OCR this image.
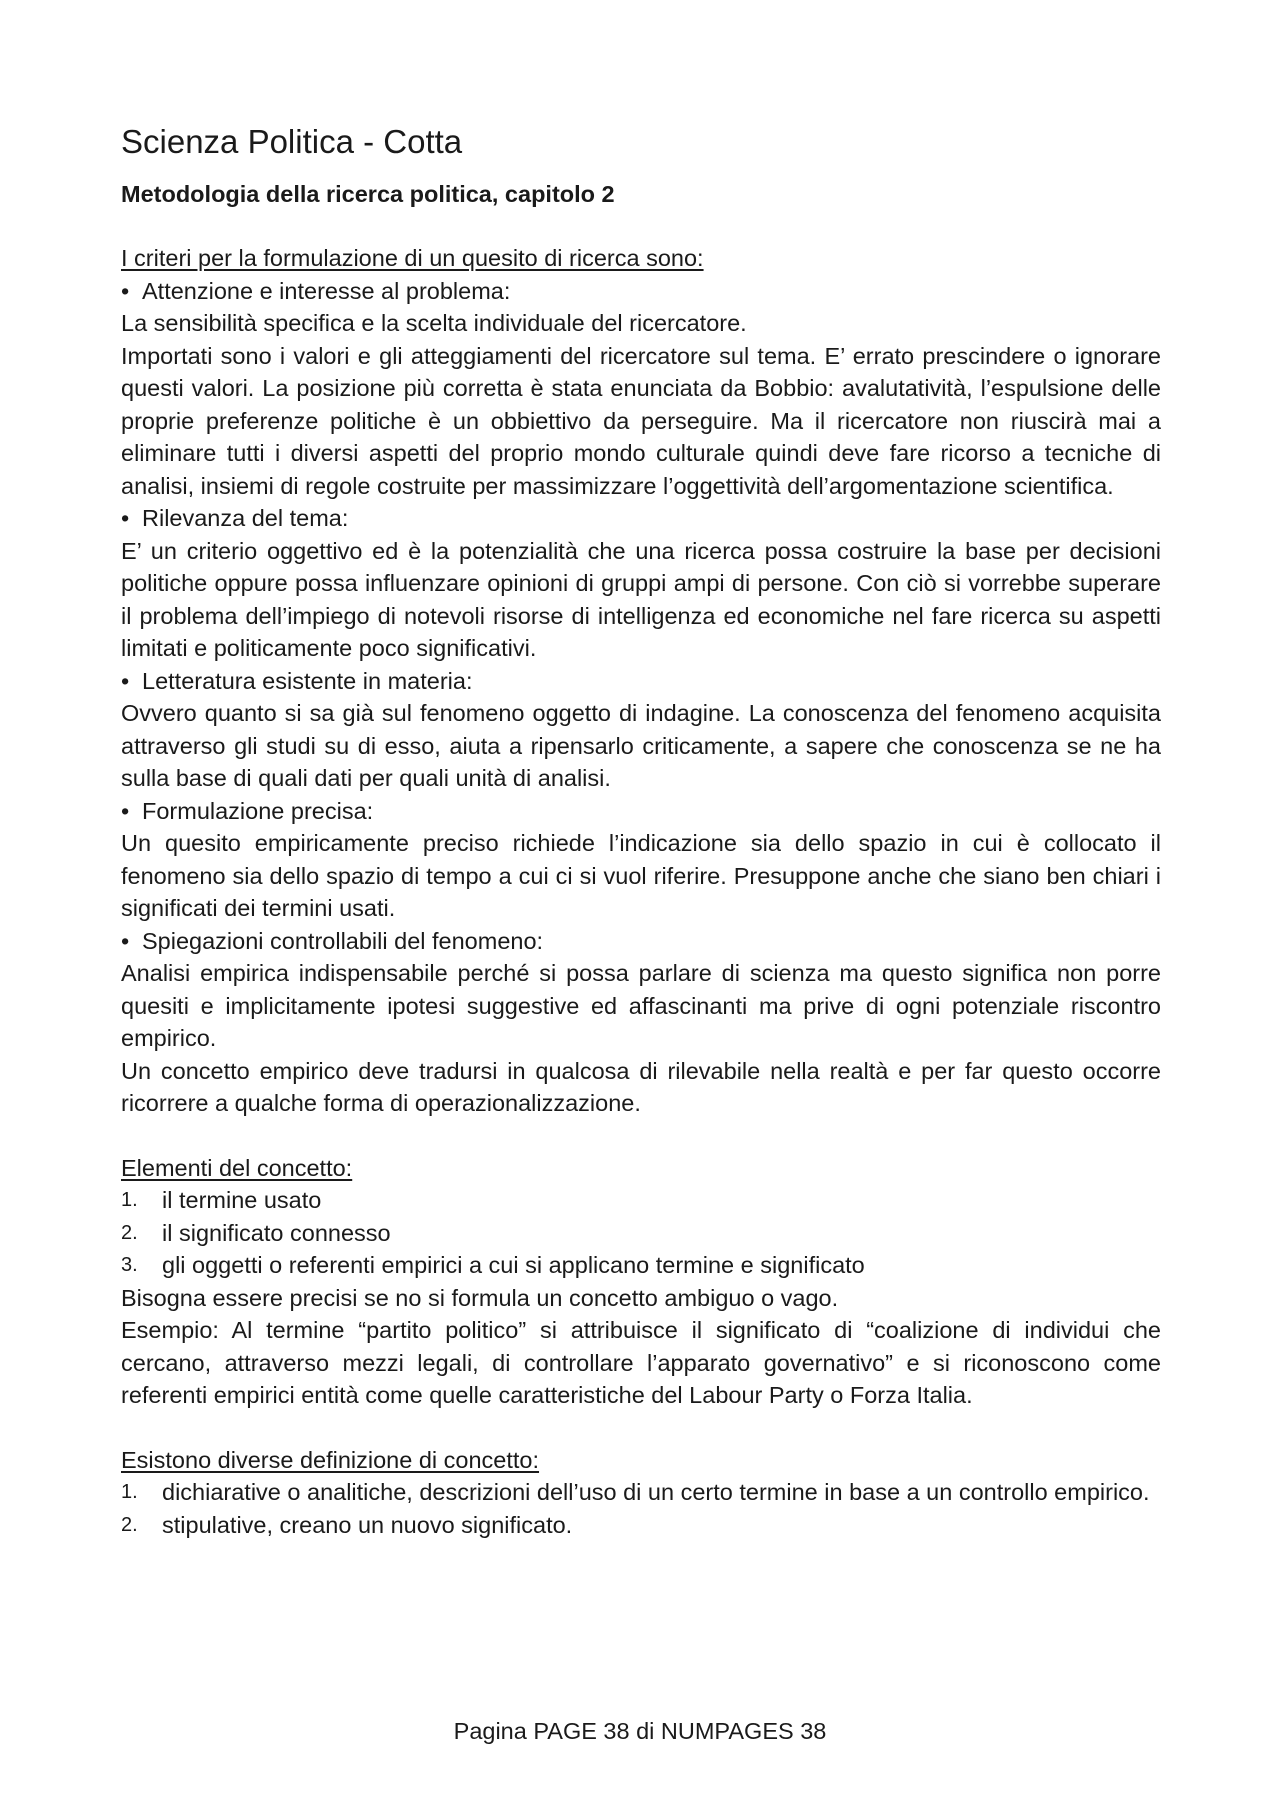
Scienza Politica - Cotta

Metodologia della ricerca politica, capitolo 2

I criteri per la formulazione di un quesito di ricerca sono:

• Attenzione e interesse al problema:

La sensibilità specifica e la scelta individuale del ricercatore.

Importati sono i valori e gli atteggiamenti del ricercatore sul tema. E’ errato prescindere o ignorare questi valori. La posizione più corretta è stata enunciata da Bobbio: avalutatività, l’espulsione delle proprie preferenze politiche è un obbiettivo da perseguire. Ma il ricercatore non riuscirà mai a eliminare tutti i diversi aspetti del proprio mondo culturale quindi deve fare ricorso a tecniche di analisi, insiemi di regole costruite per massimizzare l’oggettività dell’argomentazione scientifica.

• Rilevanza del tema:

E’ un criterio oggettivo ed è la potenzialità che una ricerca possa costruire la base per decisioni politiche oppure possa influenzare opinioni di gruppi ampi di persone. Con ciò si vorrebbe superare il problema dell’impiego di notevoli risorse di intelligenza ed economiche nel fare ricerca su aspetti limitati e politicamente poco significativi.

• Letteratura esistente in materia:

Ovvero quanto si sa già sul fenomeno oggetto di indagine. La conoscenza del fenomeno acquisita attraverso gli studi su di esso, aiuta a ripensarlo criticamente, a sapere che conoscenza se ne ha sulla base di quali dati per quali unità di analisi.

• Formulazione precisa:

Un quesito empiricamente preciso richiede l’indicazione sia dello spazio in cui è collocato il fenomeno sia dello spazio di tempo a cui ci si vuol riferire. Presuppone anche che siano ben chiari i significati dei termini usati.

• Spiegazioni controllabili del fenomeno:

Analisi empirica indispensabile perché si possa parlare di scienza ma questo significa non porre quesiti e implicitamente ipotesi suggestive ed affascinanti ma prive di ogni potenziale riscontro empirico.

Un concetto empirico deve tradursi in qualcosa di rilevabile nella realtà e per far questo occorre ricorrere a qualche forma di operazionalizzazione.

Elementi del concetto:

1.	il termine usato
2.	il significato connesso
3.	gli oggetti o referenti empirici a cui si applicano termine e significato

Bisogna essere precisi se no si formula un concetto ambiguo o vago.

Esempio: Al termine “partito politico” si attribuisce il significato di “coalizione di individui che cercano, attraverso mezzi legali, di controllare l’apparato governativo” e si riconoscono come referenti empirici entità come quelle caratteristiche del Labour Party o Forza Italia.

Esistono diverse definizione di concetto:

1.	dichiarative o analitiche, descrizioni dell’uso di un certo termine in base a un controllo empirico.
2.	stipulative, creano un nuovo significato.
Pagina PAGE 38 di NUMPAGES 38
